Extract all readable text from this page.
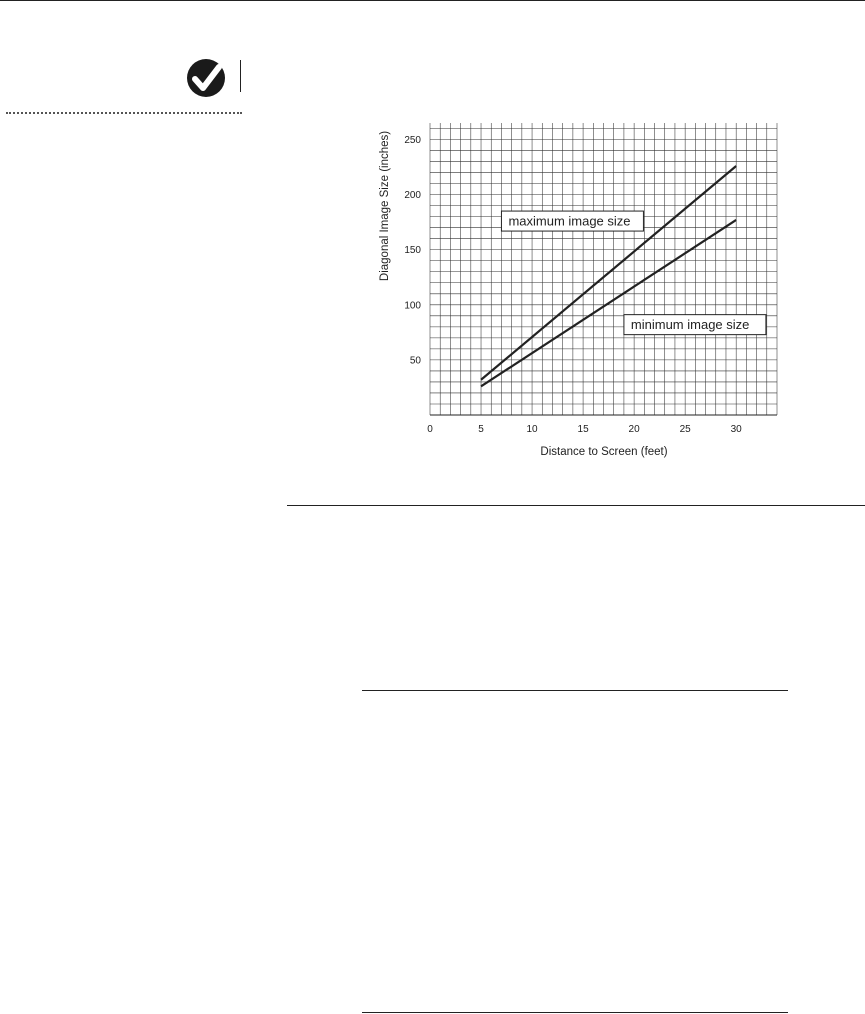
0	5	10	15	20	25	30
50
100
150
200
250
Diagonal Image Size (inches)
Distance to Screen (feet)
maximum image size
minimum image size
